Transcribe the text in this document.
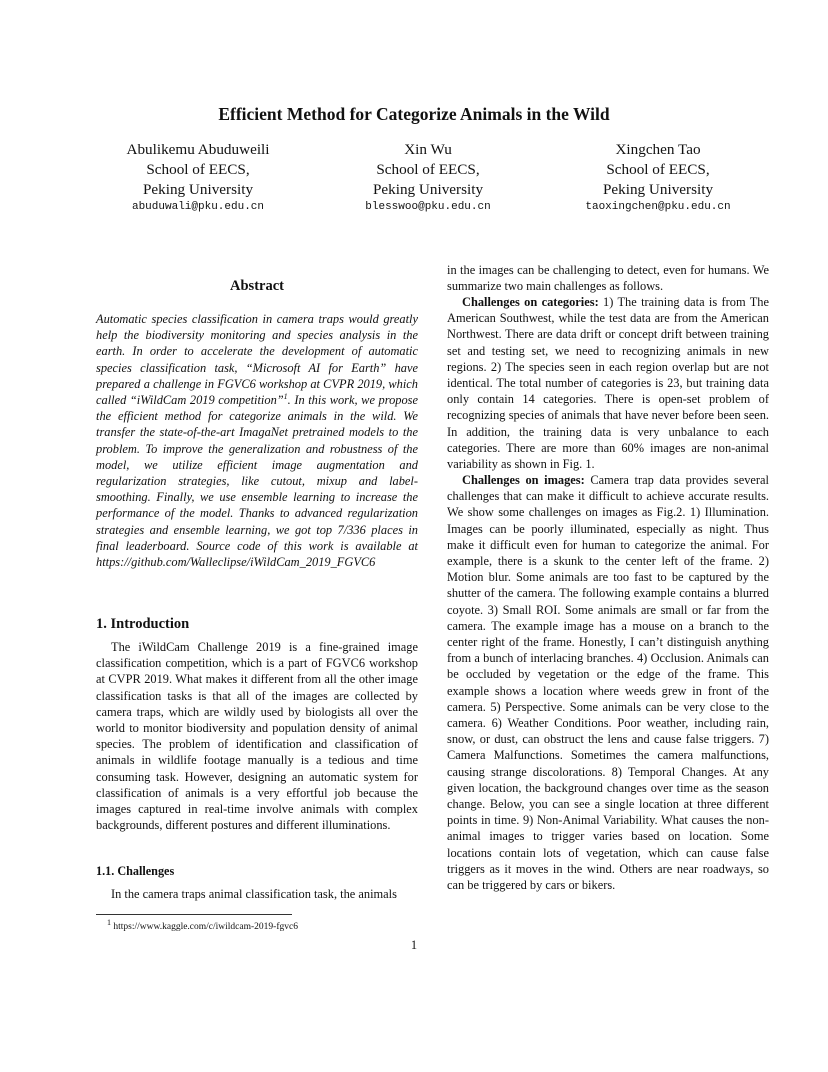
Efficient Method for Categorize Animals in the Wild
Abulikemu Abuduweili
School of EECS,
Peking University
abuduwali@pku.edu.cn
Xin Wu
School of EECS,
Peking University
blesswoo@pku.edu.cn
Xingchen Tao
School of EECS,
Peking University
taoxingchen@pku.edu.cn
Abstract

Automatic species classification in camera traps would greatly help the biodiversity monitoring and species analysis in the earth. In order to accelerate the development of automatic species classification task, “Microsoft AI for Earth” have prepared a challenge in FGVC6 workshop at CVPR 2019, which called “iWildCam 2019 competition”$^1$. In this work, we propose the efficient method for categorize animals in the wild. We transfer the state-of-the-art ImagaNet pretrained models to the problem. To improve the generalization and robustness of the model, we utilize efficient image augmentation and regularization strategies, like cutout, mixup and label-smoothing. Finally, we use ensemble learning to increase the performance of the model. Thanks to advanced regularization strategies and ensemble learning, we got top 7/336 places in final leaderboard. Source code of this work is available at https://github.com/Walleclipse/iWildCam_2019_FGVC6

1. Introduction

The iWildCam Challenge 2019 is a fine-grained image classification competition, which is a part of FGVC6 workshop at CVPR 2019. What makes it different from all the other image classification tasks is that all of the images are collected by camera traps, which are wildly used by biologists all over the world to monitor biodiversity and population density of animal species. The problem of identification and classification of animals in wildlife footage manually is a tedious and time consuming task. However, designing an automatic system for classification of animals is a very effortful job because the images captured in real-time involve animals with complex backgrounds, different postures and different illuminations.

1.1. Challenges

In the camera traps animal classification task, the animals

$^1$ https://www.kaggle.com/c/iwildcam-2019-fgvc6

in the images can be challenging to detect, even for humans. We summarize two main challenges as follows.

Challenges on categories: 1) The training data is from The American Southwest, while the test data are from the American Northwest. There are data drift or concept drift between training set and testing set, we need to recognizing animals in new regions. 2) The species seen in each region overlap but are not identical. The total number of categories is 23, but training data only contain 14 categories. There is open-set problem of recognizing species of animals that have never before been seen. In addition, the training data is very unbalance to each categories. There are more than 60% images are non-animal variability as shown in Fig. 1.

Challenges on images: Camera trap data provides several challenges that can make it difficult to achieve accurate results. We show some challenges on images as Fig.2. 1) Illumination. Images can be poorly illuminated, especially as night. Thus make it difficult even for human to categorize the animal. For example, there is a skunk to the center left of the frame. 2) Motion blur. Some animals are too fast to be captured by the shutter of the camera. The following example contains a blurred coyote. 3) Small ROI. Some animals are small or far from the camera. The example image has a mouse on a branch to the center right of the frame. Honestly, I can’t distinguish anything from a bunch of interlacing branches. 4) Occlusion. Animals can be occluded by vegetation or the edge of the frame. This example shows a location where weeds grew in front of the camera. 5) Perspective. Some animals can be very close to the camera. 6) Weather Conditions. Poor weather, including rain, snow, or dust, can obstruct the lens and cause false triggers. 7) Camera Malfunctions. Sometimes the camera malfunctions, causing strange discolorations. 8) Temporal Changes. At any given location, the background changes over time as the season change. Below, you can see a single location at three different points in time. 9) Non-Animal Variability. What causes the non-animal images to trigger varies based on location. Some locations contain lots of vegetation, which can cause false triggers as it moves in the wind. Others are near roadways, so can be triggered by cars or bikers.

1
